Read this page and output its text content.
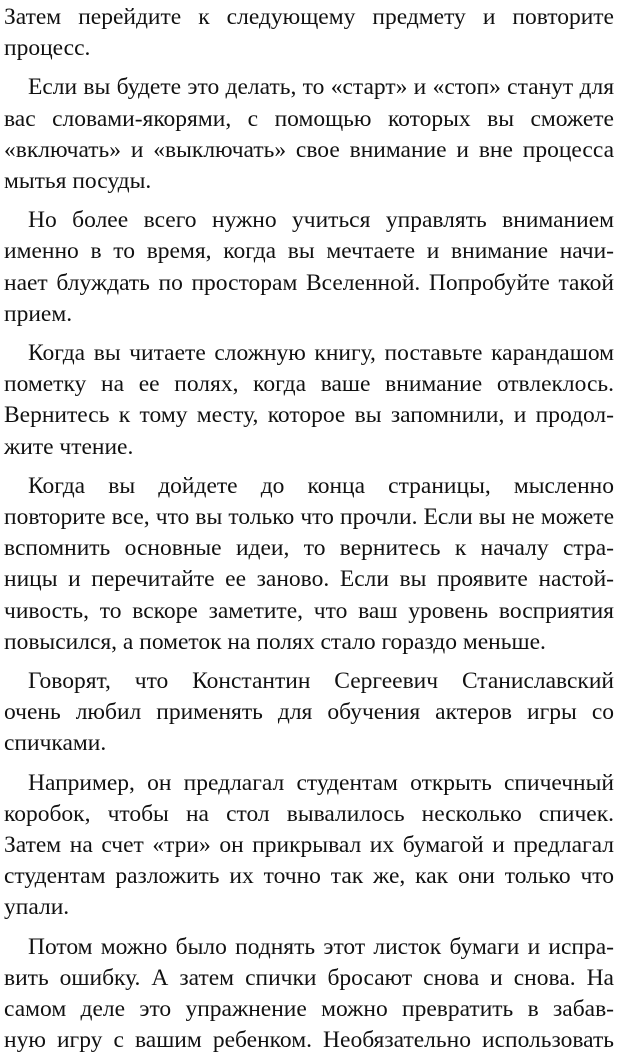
Затем перейдите к следующему предмету и повторите
процесс.
Если вы будете это делать, то «старт» и «стоп» станут для
вас словами-якорями, с помощью которых вы сможете
«включать» и «выключать» свое внимание и вне процесса
мытья посуды.
Но более всего нужно учиться управлять вниманием
именно в то время, когда вы мечтаете и внимание начи-
нает блуждать по просторам Вселенной. Попробуйте такой
прием.
Когда вы читаете сложную книгу, поставьте карандашом
пометку на ее полях, когда ваше внимание отвлеклось.
Вернитесь к тому месту, которое вы запомнили, и продол-
жите чтение.
Когда вы дойдете до конца страницы, мысленно
повторите все, что вы только что прочли. Если вы не можете
вспомнить основные идеи, то вернитесь к началу стра-
ницы и перечитайте ее заново. Если вы проявите настой-
чивость, то вскоре заметите, что ваш уровень восприятия
повысился, а пометок на полях стало гораздо меньше.
Говорят, что Константин Сергеевич Станиславский
очень любил применять для обучения актеров игры со
спичками.
Например, он предлагал студентам открыть спичечный
коробок, чтобы на стол вывалилось несколько спичек.
Затем на счет «три» он прикрывал их бумагой и предлагал
студентам разложить их точно так же, как они только что
упали.
Потом можно было поднять этот листок бумаги и испра-
вить ошибку. А затем спички бросают снова и снова. На
самом деле это упражнение можно превратить в забав-
ную игру с вашим ребенком. Необязательно использовать
